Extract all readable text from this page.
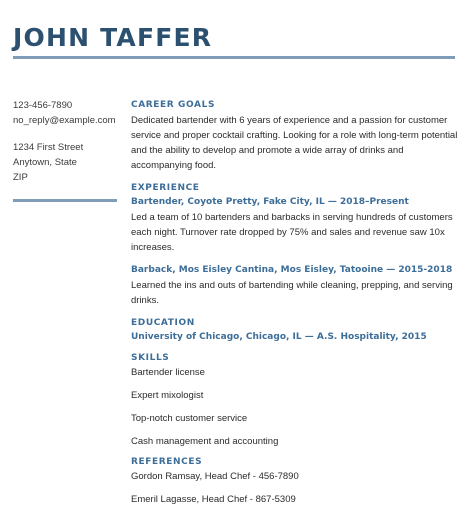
JOHN TAFFER
123-456-7890
no_reply@example.com
1234 First Street
Anytown, State
ZIP

CAREER GOALS

Dedicated bartender with 6 years of experience and a passion for customer service and proper cocktail crafting. Looking for a role with long-term potential and the ability to develop and promote a wide array of drinks and accompanying food.

EXPERIENCE

Bartender, Coyote Pretty, Fake City, IL — 2018–Present

Led a team of 10 bartenders and barbacks in serving hundreds of customers each night. Turnover rate dropped by 75% and sales and revenue saw 10x increases.

Barback, Mos Eisley Cantina, Mos Eisley, Tatooine — 2015-2018

Learned the ins and outs of bartending while cleaning, prepping, and serving drinks.

EDUCATION

University of Chicago, Chicago, IL — A.S. Hospitality, 2015

SKILLS

Bartender license

Expert mixologist

Top-notch customer service

Cash management and accounting

REFERENCES

Gordon Ramsay, Head Chef - 456-7890

Emeril Lagasse, Head Chef - 867-5309
